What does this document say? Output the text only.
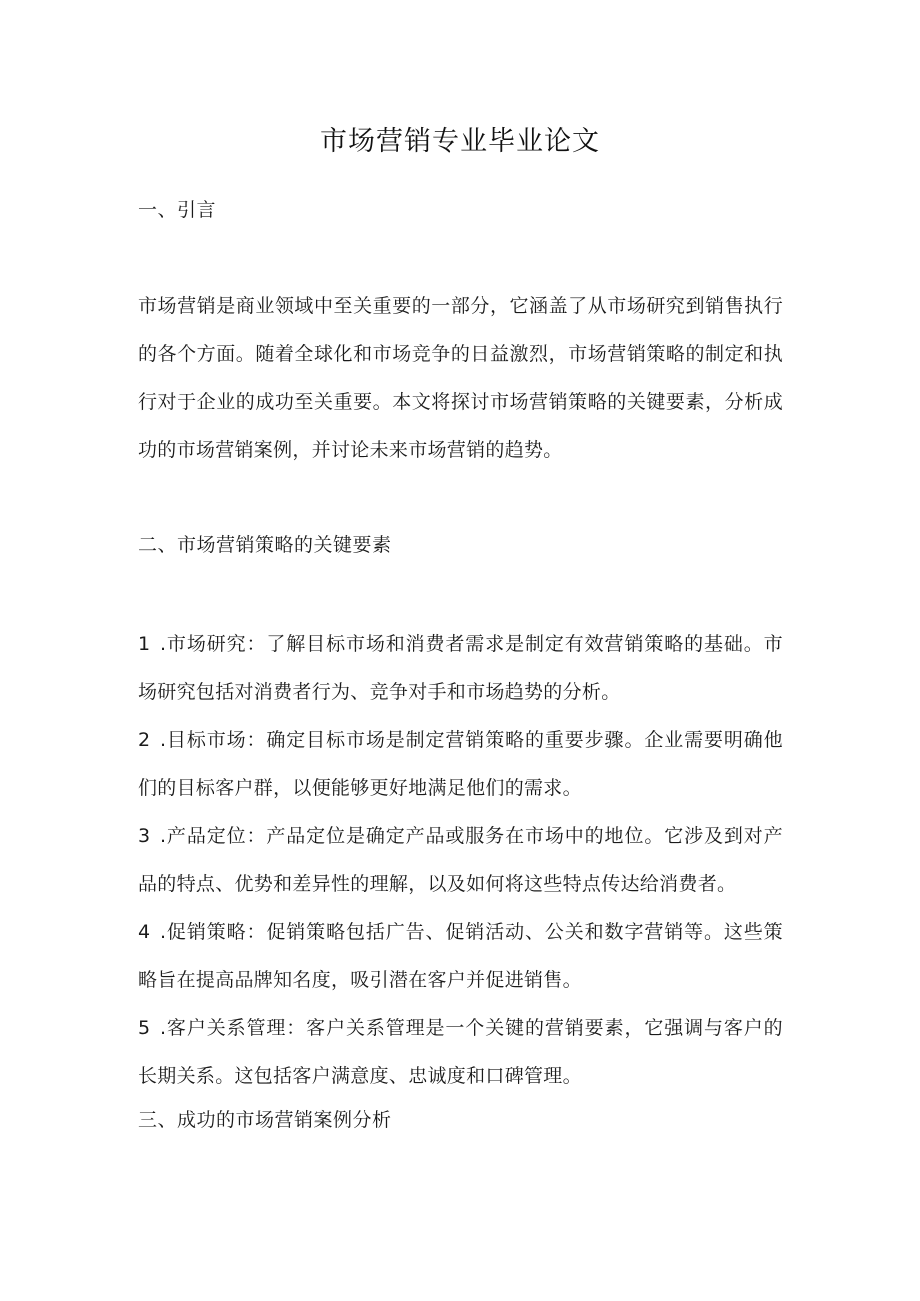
市场营销专业毕业论文
一、引言
市场营销是商业领域中至关重要的一部分，它涵盖了从市场研究到销售执行的各个方面。随着全球化和市场竞争的日益激烈，市场营销策略的制定和执行对于企业的成功至关重要。本文将探讨市场营销策略的关键要素，分析成功的市场营销案例，并讨论未来市场营销的趋势。
二、市场营销策略的关键要素
1 .市场研究：了解目标市场和消费者需求是制定有效营销策略的基础。市场研究包括对消费者行为、竞争对手和市场趋势的分析。
2 .目标市场：确定目标市场是制定营销策略的重要步骤。企业需要明确他们的目标客户群，以便能够更好地满足他们的需求。
3 .产品定位：产品定位是确定产品或服务在市场中的地位。它涉及到对产品的特点、优势和差异性的理解，以及如何将这些特点传达给消费者。
4 .促销策略：促销策略包括广告、促销活动、公关和数字营销等。这些策略旨在提高品牌知名度，吸引潜在客户并促进销售。
5 .客户关系管理：客户关系管理是一个关键的营销要素，它强调与客户的长期关系。这包括客户满意度、忠诚度和口碑管理。
三、成功的市场营销案例分析
